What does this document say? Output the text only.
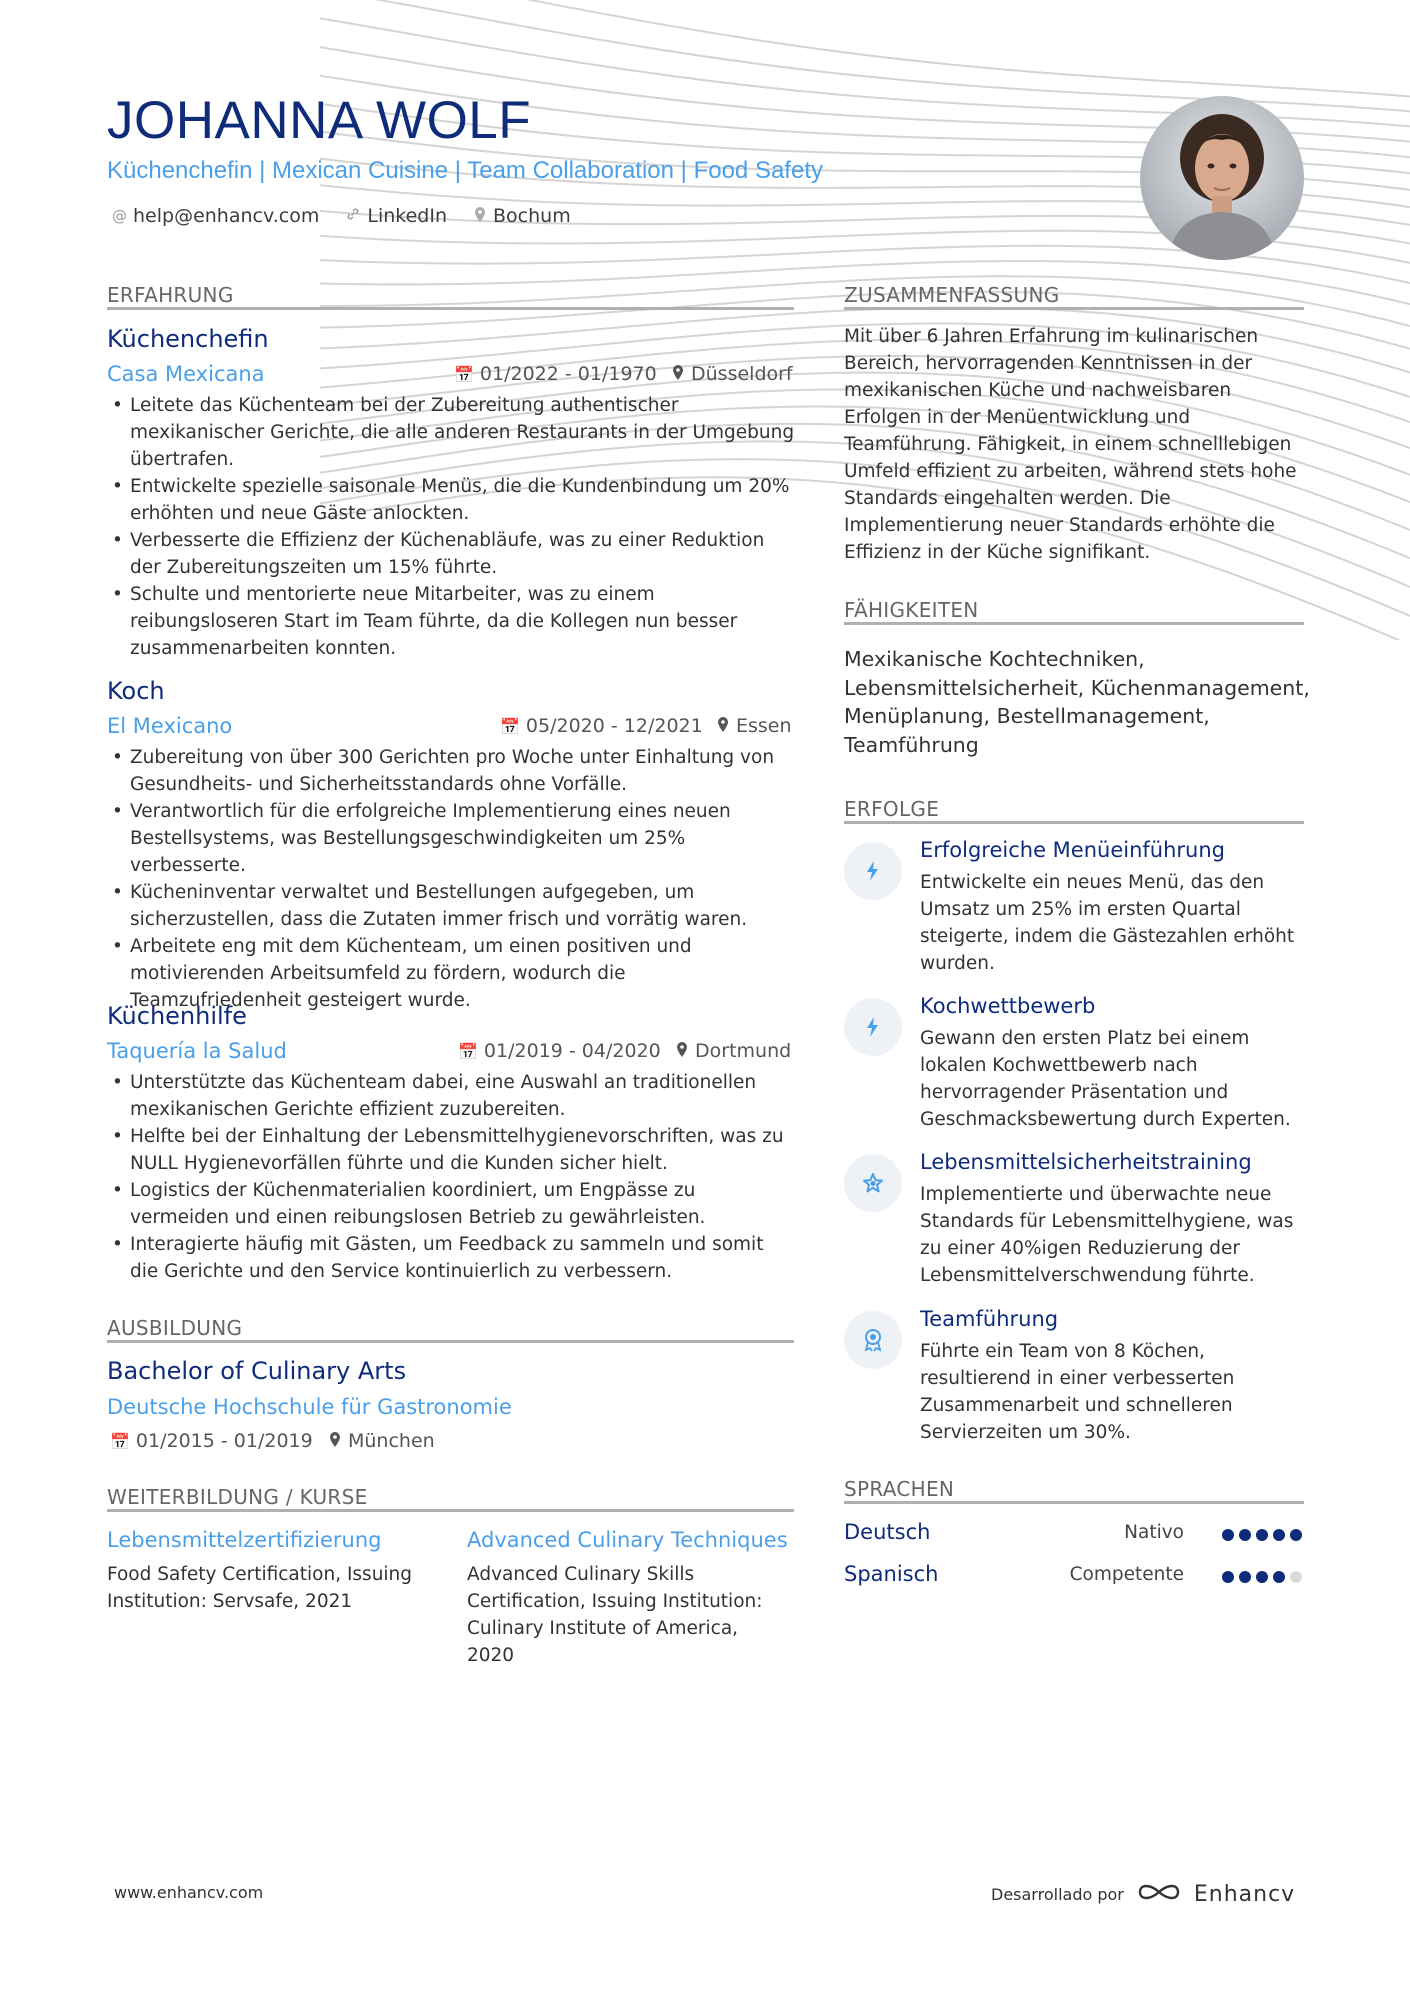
JOHANNA WOLF
Küchenchefin | Mexican Cuisine | Team Collaboration | Food Safety
@ help@enhancv.com	LinkedIn Bochum
ERFAHRUNG
Küchenchefin
Casa Mexicana	📅 01/2022 - 01/1970 Düsseldorf
• Leitete das Küchenteam bei der Zubereitung authentischer mexikanischer Gerichte, die alle anderen Restaurants in der Umgebung übertrafen.
• Entwickelte spezielle saisonale Menüs, die die Kundenbindung um 20% erhöhten und neue Gäste anlockten.
• Verbesserte die Effizienz der Küchenabläufe, was zu einer Reduktion der Zubereitungszeiten um 15% führte.
• Schulte und mentorierte neue Mitarbeiter, was zu einem reibungsloseren Start im Team führte, da die Kollegen nun besser zusammenarbeiten konnten.
Koch
El Mexicano	📅 05/2020 - 12/2021 Essen
• Zubereitung von über 300 Gerichten pro Woche unter Einhaltung von Gesundheits- und Sicherheitsstandards ohne Vorfälle.
• Verantwortlich für die erfolgreiche Implementierung eines neuen Bestellsystems, was Bestellungsgeschwindigkeiten um 25% verbesserte.
• Kücheninventar verwaltet und Bestellungen aufgegeben, um sicherzustellen, dass die Zutaten immer frisch und vorrätig waren.
• Arbeitete eng mit dem Küchenteam, um einen positiven und motivierenden Arbeitsumfeld zu fördern, wodurch die Teamzufriedenheit gesteigert wurde.
Küchenhilfe
Taquería la Salud	📅 01/2019 - 04/2020 Dortmund
• Unterstützte das Küchenteam dabei, eine Auswahl an traditionellen mexikanischen Gerichte effizient zuzubereiten.
• Helfte bei der Einhaltung der Lebensmittelhygienevorschriften, was zu NULL Hygienevorfällen führte und die Kunden sicher hielt.
• Logistics der Küchenmaterialien koordiniert, um Engpässe zu vermeiden und einen reibungslosen Betrieb zu gewährleisten.
• Interagierte häufig mit Gästen, um Feedback zu sammeln und somit die Gerichte und den Service kontinuierlich zu verbessern.
AUSBILDUNG
Bachelor of Culinary Arts
Deutsche Hochschule für Gastronomie
📅 01/2015 - 01/2019 München
WEITERBILDUNG / KURSE
Lebensmittelzertifizierung
Food Safety Certification, Issuing Institution: Servsafe, 2021
Advanced Culinary Techniques
Advanced Culinary Skills Certification, Issuing Institution: Culinary Institute of America, 2020
ZUSAMMENFASSUNG
Mit über 6 Jahren Erfahrung im kulinarischen Bereich, hervorragenden Kenntnissen in der mexikanischen Küche und nachweisbaren Erfolgen in der Menüentwicklung und Teamführung. Fähigkeit, in einem schnelllebigen Umfeld effizient zu arbeiten, während stets hohe Standards eingehalten werden. Die Implementierung neuer Standards erhöhte die Effizienz in der Küche signifikant.
FÄHIGKEITEN
Mexikanische Kochtechniken, Lebensmittelsicherheit, Küchenmanagement, Menüplanung, Bestellmanagement, Teamführung
ERFOLGE
Erfolgreiche Menüeinführung
Entwickelte ein neues Menü, das den Umsatz um 25% im ersten Quartal steigerte, indem die Gästezahlen erhöht wurden.
Kochwettbewerb
Gewann den ersten Platz bei einem lokalen Kochwettbewerb nach hervorragender Präsentation und Geschmacksbewertung durch Experten.
Lebensmittelsicherheitstraining
Implementierte und überwachte neue Standards für Lebensmittelhygiene, was zu einer 40%igen Reduzierung der Lebensmittelverschwendung führte.
Teamführung
Führte ein Team von 8 Köchen, resultierend in einer verbesserten Zusammenarbeit und schnelleren Servierzeiten um 30%.
SPRACHEN
Deutsch	Nativo
Spanisch	Competente
www.enhancv.com	Desarrollado por	Enhancv
